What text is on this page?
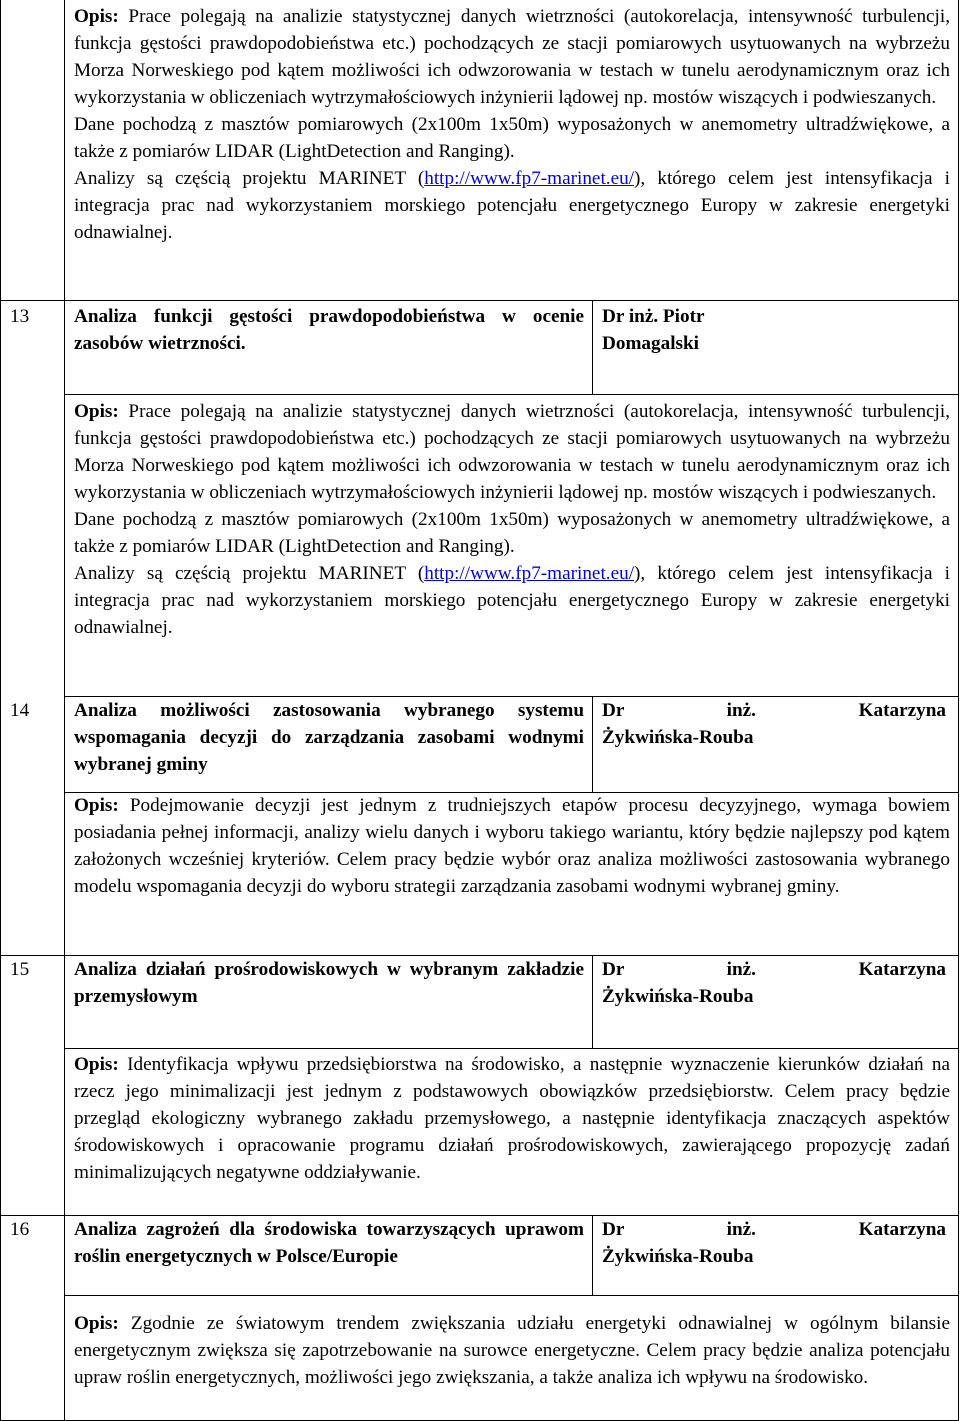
Opis: Prace polegają na analizie statystycznej danych wietrzności (autokorelacja, intensywność turbulencji, funkcja gęstości prawdopodobieństwa etc.) pochodzących ze stacji pomiarowych usytuowanych na wybrzeżu Morza Norweskiego pod kątem możliwości ich odwzorowania w testach w tunelu aerodynamicznym oraz ich wykorzystania w obliczeniach wytrzymałościowych inżynierii lądowej np. mostów wiszących i podwieszanych.

Dane pochodzą z masztów pomiarowych (2x100m 1x50m) wyposażonych w anemometry ultradźwiękowe, a także z pomiarów LIDAR (LightDetection and Ranging).

Analizy są częścią projektu MARINET (http://www.fp7-marinet.eu/), którego celem jest intensyfikacja i integracja prac nad wykorzystaniem morskiego potencjału energetycznego Europy w zakresie energetyki odnawialnej.

13 Analiza funkcji gęstości prawdopodobieństwa w ocenie zasobów wietrzności.
Dr inż. Piotr
Domagalski

Opis: Prace polegają na analizie statystycznej danych wietrzności (autokorelacja, intensywność turbulencji, funkcja gęstości prawdopodobieństwa etc.) pochodzących ze stacji pomiarowych usytuowanych na wybrzeżu Morza Norweskiego pod kątem możliwości ich odwzorowania w testach w tunelu aerodynamicznym oraz ich wykorzystania w obliczeniach wytrzymałościowych inżynierii lądowej np. mostów wiszących i podwieszanych.

Dane pochodzą z masztów pomiarowych (2x100m 1x50m) wyposażonych w anemometry ultradźwiękowe, a także z pomiarów LIDAR (LightDetection and Ranging).

Analizy są częścią projektu MARINET (http://www.fp7-marinet.eu/), którego celem jest intensyfikacja i integracja prac nad wykorzystaniem morskiego potencjału energetycznego Europy w zakresie energetyki odnawialnej.

14 Analiza możliwości zastosowania wybranego systemu wspomagania decyzji do zarządzania zasobami wodnymi wybranej gminy
Dr inż. Katarzyna
Żykwińska-Rouba

Opis: Podejmowanie decyzji jest jednym z trudniejszych etapów procesu decyzyjnego, wymaga bowiem posiadania pełnej informacji, analizy wielu danych i wyboru takiego wariantu, który będzie najlepszy pod kątem założonych wcześniej kryteriów. Celem pracy będzie wybór oraz analiza możliwości zastosowania wybranego modelu wspomagania decyzji do wyboru strategii zarządzania zasobami wodnymi wybranej gminy.

15 Analiza działań prośrodowiskowych w wybranym zakładzie przemysłowym
Dr inż. Katarzyna
Żykwińska-Rouba

Opis: Identyfikacja wpływu przedsiębiorstwa na środowisko, a następnie wyznaczenie kierunków działań na rzecz jego minimalizacji jest jednym z podstawowych obowiązków przedsiębiorstw. Celem pracy będzie przegląd ekologiczny wybranego zakładu przemysłowego, a następnie identyfikacja znaczących aspektów środowiskowych i opracowanie programu działań prośrodowiskowych, zawierającego propozycję zadań minimalizujących negatywne oddziaływanie.

16 Analiza zagrożeń dla środowiska towarzyszących uprawom roślin energetycznych w Polsce/Europie
Dr inż. Katarzyna
Żykwińska-Rouba

Opis: Zgodnie ze światowym trendem zwiększania udziału energetyki odnawialnej w ogólnym bilansie energetycznym zwiększa się zapotrzebowanie na surowce energetyczne. Celem pracy będzie analiza potencjału upraw roślin energetycznych, możliwości jego zwiększania, a także analiza ich wpływu na środowisko.
